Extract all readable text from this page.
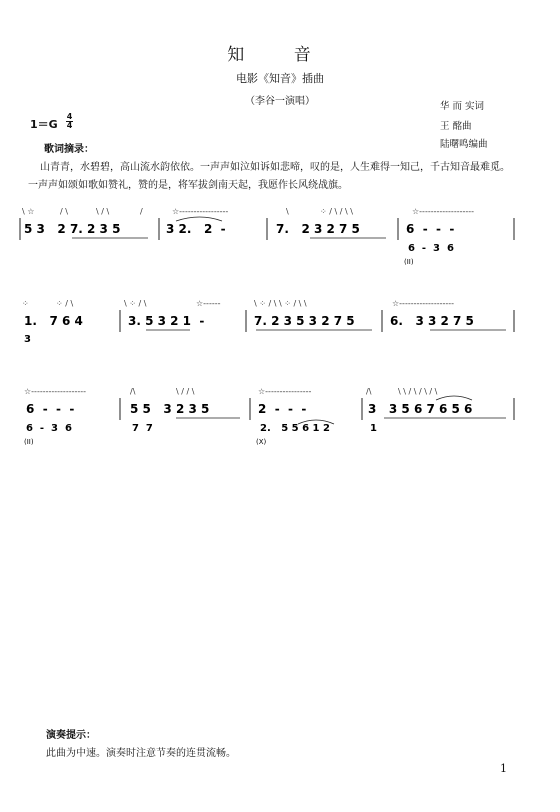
知 音
电影《知音》插曲
（李谷一演唱）	华 而 实词
王 酩曲
陆曙鸣编曲
1＝G
4
4
歌词摘录：
山青青，水碧碧，高山流水韵依依。一声声如泣如诉如悲啼，叹的是，人生难得一知己，千古知音最难觅。
一声声如颂如歌如赞礼，赞的是，将军拔剑南天起，我愿作长风绕战旗。
\ ☆	/ \	\ / \	/	☆-----------------	\	⁘ / \ / \ \	☆-------------------
5 3   2 7. 2 3 5	3 2.   2  -	7.   2 3 2 7 5	6  -  -  -
6  -  3  6
(II)
⁘	⁘ / \	\ ⁘ / \	☆------	\ ⁘ / \ \ ⁘ / \ \	☆-------------------
1.   7 6 4
3
3. 5 3 2 1  -	7. 2 3 5 3 2 7 5	6.   3 3 2 7 5
☆-------------------	/\	\ / / \	☆----------------	/\	\ \ / \ / \ / \
6  -  -  -
6  -  3  6
(II)
5 5   3 2 3 5
7  7
2  -  -  -
2.   5 5 6 1 2
(X)
3   3 5 6 7 6 5 6
1
演奏提示：
此曲为中速。演奏时注意节奏的连贯流畅。
1
